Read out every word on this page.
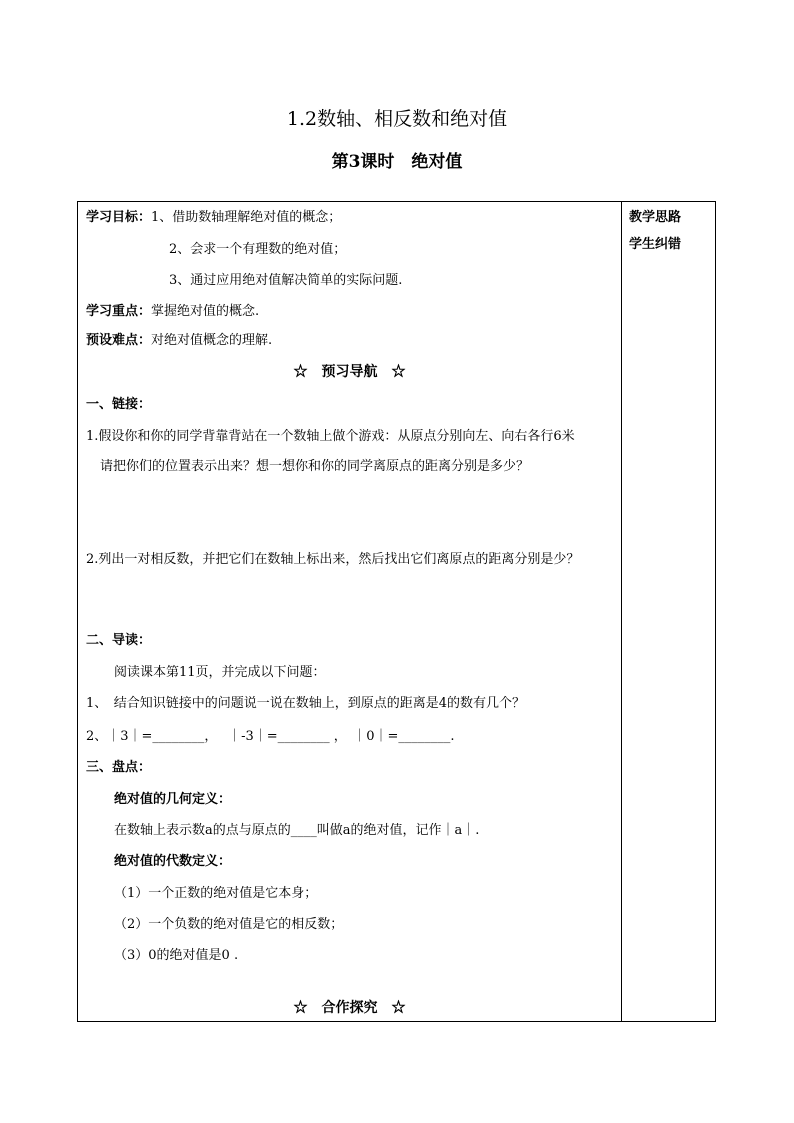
1.2数轴、相反数和绝对值
第3课时　绝对值
教学思路
学生纠错
学习目标：1、借助数轴理解绝对值的概念；
2、会求一个有理数的绝对值；
3、通过应用绝对值解决简单的实际问题.
学习重点：掌握绝对值的概念.
预设难点：对绝对值概念的理解.
☆　预习导航　☆
一、链接：
1.假设你和你的同学背靠背站在一个数轴上做个游戏：从原点分别向左、向右各行6米
请把你们的位置表示出来？想一想你和你的同学离原点的距离分别是多少？
2.列出一对相反数，并把它们在数轴上标出来，然后找出它们离原点的距离分别是少？
二、导读：
阅读课本第11页，并完成以下问题：
1、　结合知识链接中的问题说一说在数轴上，到原点的距离是4的数有几个？
2、｜3｜=________，　 ｜-3｜=________ ，　｜0｜=________.
三、盘点：
绝对值的几何定义：
在数轴上表示数a的点与原点的____叫做a的绝对值，记作｜a｜.
绝对值的代数定义：
（1）一个正数的绝对值是它本身；
（2）一个负数的绝对值是它的相反数；
（3）0的绝对值是0 .
☆　合作探究　☆
